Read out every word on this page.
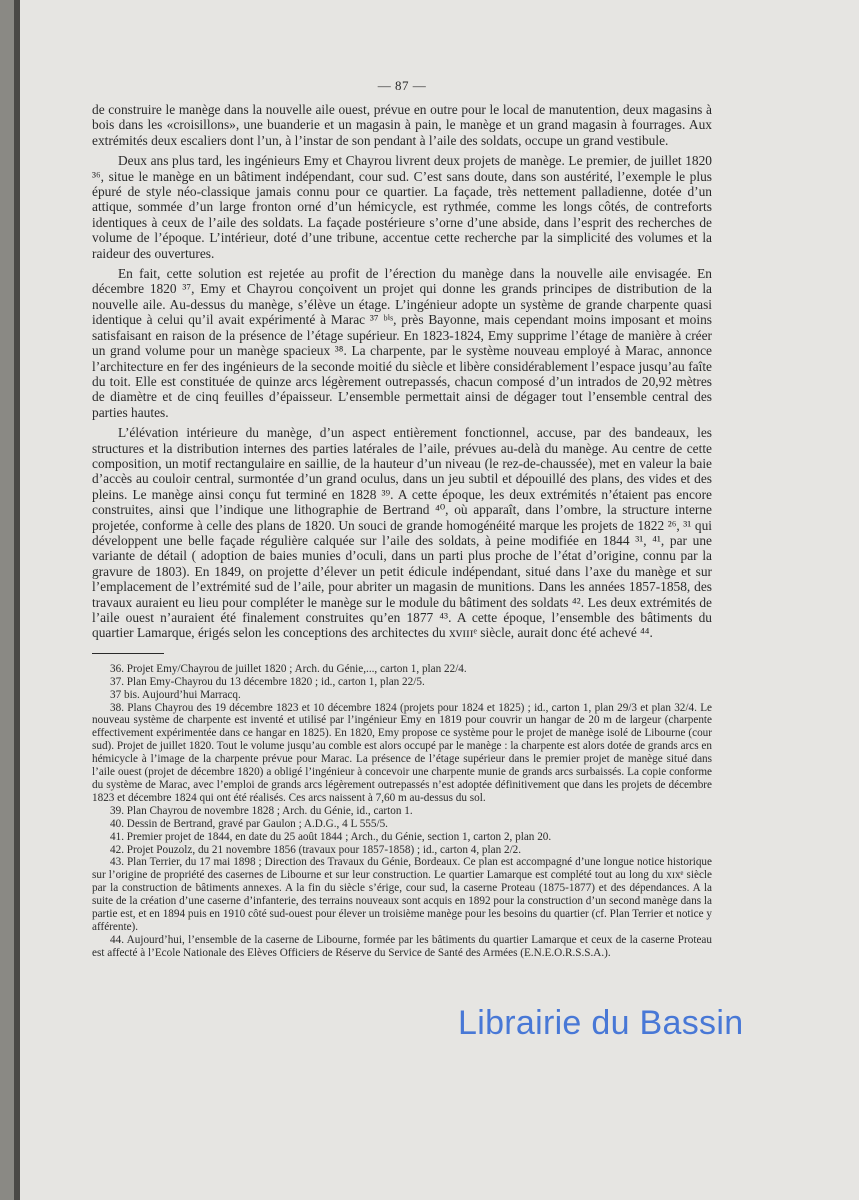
— 87 —

de construire le manège dans la nouvelle aile ouest, prévue en outre pour le local de manutention, deux magasins à bois dans les «croisillons», une buanderie et un magasin à pain, le manège et un grand magasin à fourrages. Aux extrémités deux escaliers dont l’un, à l’instar de son pendant à l’aile des soldats, occupe un grand vestibule.

Deux ans plus tard, les ingénieurs Emy et Chayrou livrent deux projets de manège. Le premier, de juillet 1820 ³⁶, situe le manège en un bâtiment indépendant, cour sud. C’est sans doute, dans son austérité, l’exemple le plus épuré de style néo-classique jamais connu pour ce quartier. La façade, très nettement palladienne, dotée d’un attique, sommée d’un large fronton orné d’un hémicycle, est rythmée, comme les longs côtés, de contreforts identiques à ceux de l’aile des soldats. La façade postérieure s’orne d’une abside, dans l’esprit des recherches de volume de l’époque. L’intérieur, doté d’une tribune, accentue cette recherche par la simplicité des volumes et la raideur des ouvertures.

En fait, cette solution est rejetée au profit de l’érection du manège dans la nouvelle aile envisagée. En décembre 1820 ³⁷, Emy et Chayrou conçoivent un projet qui donne les grands principes de distribution de la nouvelle aile. Au-dessus du manège, s’élève un étage. L’ingénieur adopte un système de grande charpente quasi identique à celui qu’il avait expérimenté à Marac ³⁷ ᵇⁱˢ, près Bayonne, mais cependant moins imposant et moins satisfaisant en raison de la présence de l’étage supérieur. En 1823-1824, Emy supprime l’étage de manière à créer un grand volume pour un manège spacieux ³⁸. La charpente, par le système nouveau employé à Marac, annonce l’architecture en fer des ingénieurs de la seconde moitié du siècle et libère considérablement l’espace jusqu’au faîte du toit. Elle est constituée de quinze arcs légèrement outrepassés, chacun composé d’un intrados de 20,92 mètres de diamètre et de cinq feuilles d’épaisseur. L’ensemble permettait ainsi de dégager tout l’ensemble central des parties hautes.

L’élévation intérieure du manège, d’un aspect entièrement fonctionnel, accuse, par des bandeaux, les structures et la distribution internes des parties latérales de l’aile, prévues au-delà du manège. Au centre de cette composition, un motif rectangulaire en saillie, de la hauteur d’un niveau (le rez-de-chaussée), met en valeur la baie d’accès au couloir central, surmontée d’un grand oculus, dans un jeu subtil et dépouillé des plans, des vides et des pleins. Le manège ainsi conçu fut terminé en 1828 ³⁹. A cette époque, les deux extrémités n’étaient pas encore construites, ainsi que l’indique une lithographie de Bertrand ⁴⁰, où apparaît, dans l’ombre, la structure interne projetée, conforme à celle des plans de 1820. Un souci de grande homogénéité marque les projets de 1822 ²⁶, ³¹ qui développent une belle façade régulière calquée sur l’aile des soldats, à peine modifiée en 1844 ³¹, ⁴¹, par une variante de détail ( adoption de baies munies d’oculi, dans un parti plus proche de l’état d’origine, connu par la gravure de 1803). En 1849, on projette d’élever un petit édicule indépendant, situé dans l’axe du manège et sur l’emplacement de l’extrémité sud de l’aile, pour abriter un magasin de munitions. Dans les années 1857-1858, des travaux auraient eu lieu pour compléter le manège sur le module du bâtiment des soldats ⁴². Les deux extrémités de l’aile ouest n’auraient été finalement construites qu’en 1877 ⁴³. A cette époque, l’ensemble des bâtiments du quartier Lamarque, érigés selon les conceptions des architectes du xᴠɪɪɪᵉ siècle, aurait donc été achevé ⁴⁴.

36. Projet Emy/Chayrou de juillet 1820 ; Arch. du Génie,..., carton 1, plan 22/4.

37. Plan Emy-Chayrou du 13 décembre 1820 ; id., carton 1, plan 22/5.

37 bis. Aujourd’hui Marracq.

38. Plans Chayrou des 19 décembre 1823 et 10 décembre 1824 (projets pour 1824 et 1825) ; id., carton 1, plan 29/3 et plan 32/4. Le nouveau système de charpente est inventé et utilisé par l’ingénieur Emy en 1819 pour couvrir un hangar de 20 m de largeur (charpente effectivement expérimentée dans ce hangar en 1825). En 1820, Emy propose ce système pour le projet de manège isolé de Libourne (cour sud). Projet de juillet 1820. Tout le volume jusqu’au comble est alors occupé par le manège : la charpente est alors dotée de grands arcs en hémicycle à l’image de la charpente prévue pour Marac. La présence de l’étage supérieur dans le premier projet de manège situé dans l’aile ouest (projet de décembre 1820) a obligé l’ingénieur à concevoir une charpente munie de grands arcs surbaissés. La copie conforme du système de Marac, avec l’emploi de grands arcs légèrement outrepassés n’est adoptée définitivement que dans les projets de décembre 1823 et décembre 1824 qui ont été réalisés. Ces arcs naissent à 7,60 m au-dessus du sol.

39. Plan Chayrou de novembre 1828 ; Arch. du Génie, id., carton 1.

40. Dessin de Bertrand, gravé par Gaulon ; A.D.G., 4 L 555/5.

41. Premier projet de 1844, en date du 25 août 1844 ; Arch., du Génie, section 1, carton 2, plan 20.

42. Projet Pouzolz, du 21 novembre 1856 (travaux pour 1857-1858) ; id., carton 4, plan 2/2.

43. Plan Terrier, du 17 mai 1898 ; Direction des Travaux du Génie, Bordeaux. Ce plan est accompagné d’une longue notice historique sur l’origine de propriété des casernes de Libourne et sur leur construction. Le quartier Lamarque est complété tout au long du xɪxᵉ siècle par la construction de bâtiments annexes. A la fin du siècle s’érige, cour sud, la caserne Proteau (1875-1877) et des dépendances. A la suite de la création d’une caserne d’infanterie, des terrains nouveaux sont acquis en 1892 pour la construction d’un second manège dans la partie est, et en 1894 puis en 1910 côté sud-ouest pour élever un troisième manège pour les besoins du quartier (cf. Plan Terrier et notice y afférente).

44. Aujourd’hui, l’ensemble de la caserne de Libourne, formée par les bâtiments du quartier Lamarque et ceux de la caserne Proteau est affecté à l’Ecole Nationale des Elèves Officiers de Réserve du Service de Santé des Armées (E.N.E.O.R.S.S.A.).

Librairie du Bassin
